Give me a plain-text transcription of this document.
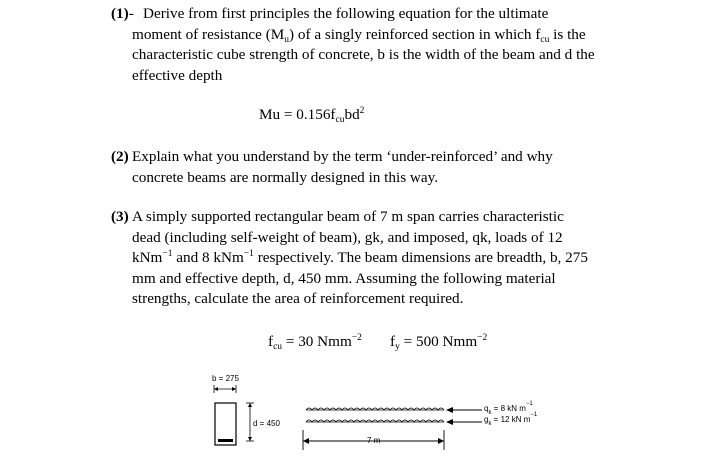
(1)- Derive from first principles the following equation for the ultimate
moment of resistance $(M_u)$ of a singly reinforced section in which $f_{cu}$ is the
characteristic cube strength of concrete, b is the width of the beam and d the
effective depth
$Mu = 0.156f_{cu}bd^2$
(2) Explain what you understand by the term ‘under-reinforced’ and why
concrete beams are normally designed in this way.
(3) A simply supported rectangular beam of 7 m span carries characteristic
dead (including self-weight of beam), gk, and imposed, qk, loads of 12
kNm$^{-1}$ and 8 kNm$^{-1}$ respectively. The beam dimensions are breadth, b, 275
mm and effective depth, d, 450 mm. Assuming the following material
strengths, calculate the area of reinforcement required.
$f_{cu} = 30$ Nmm$^{-2}$ $f_y = 500$ Nmm$^{-2}$
b = 275
d = 450
$q_k = 8$ kN $m^{-1}$
$g_k = 12$ kN $m^{-1}$
7 m
